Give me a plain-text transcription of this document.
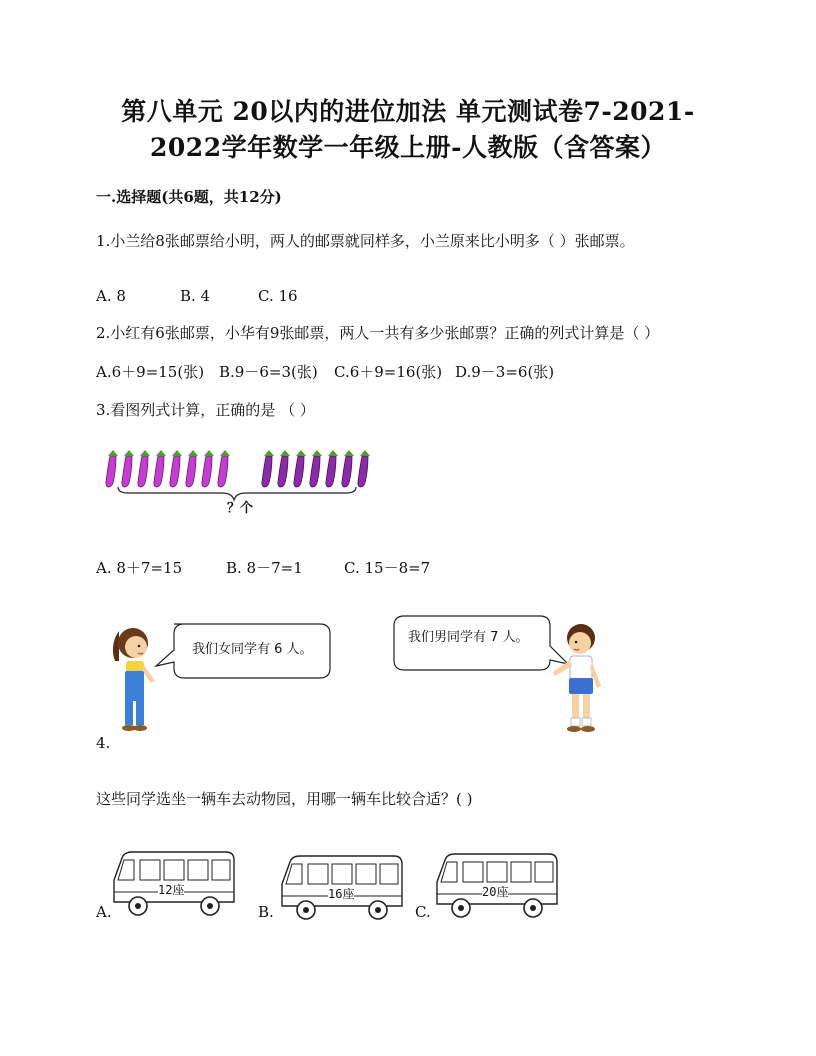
第八单元 20以内的进位加法 单元测试卷7-2021-
2022学年数学一年级上册-人教版（含答案）
一.选择题(共6题，共12分)
1.小兰给8张邮票给小明，两人的邮票就同样多，小兰原来比小明多（ ）张邮票。
A. 8	B. 4	C. 16
2.小红有6张邮票，小华有9张邮票，两人一共有多少张邮票？正确的列式计算是（ ）
A.6＋9=15(张) B.9－6=3(张) C.6＋9=16(张) D.9－3=6(张)
3.看图列式计算，正确的是 （ ）
？个
A. 8＋7=15	B. 8－7=1	C. 15－8=7
我们女同学有 6 人。
我们男同学有 7 人。
4.
这些同学选坐一辆车去动物园，用哪一辆车比较合适？( )
A.
12座
B.
16座
C.
20座
